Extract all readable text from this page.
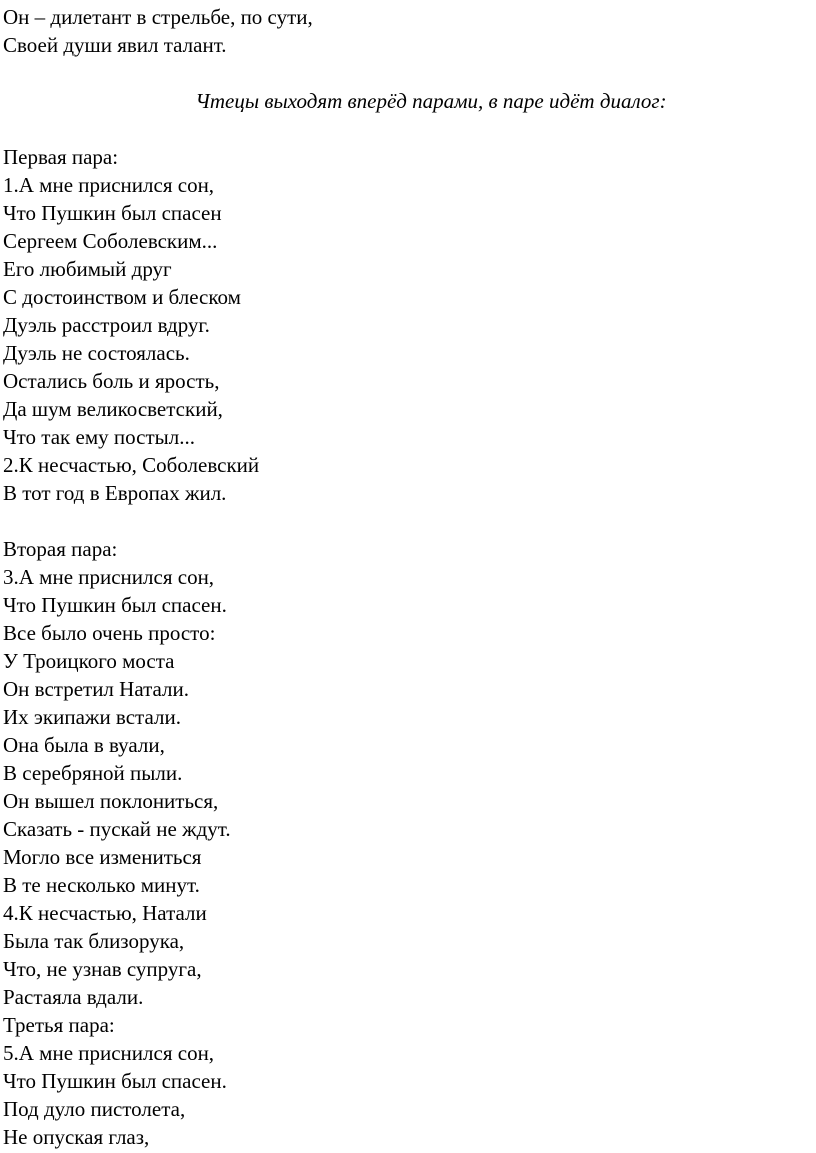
Он – дилетант в стрельбе, по сути,
Своей души явил талант.
Чтецы выходят вперёд парами, в паре идёт диалог:
Первая пара:
1.А мне приснился сон,
Что Пушкин был спасен
Сергеем Соболевским...
Его любимый друг
С достоинством и блеском
Дуэль расстроил вдруг.
Дуэль не состоялась.
Остались боль и ярость,
Да шум великосветский,
Что так ему постыл...
2.К несчастью, Соболевский
В тот год в Европах жил.
Вторая пара:
3.А мне приснился сон,
Что Пушкин был спасен.
Все было очень просто:
У Троицкого моста
Он встретил Натали.
Их экипажи встали.
Она была в вуали,
В серебряной пыли.
Он вышел поклониться,
Сказать - пускай не ждут.
Могло все измениться
В те несколько минут.
4.К несчастью, Натали
Была так близорука,
Что, не узнав супруга,
Растаяла вдали.
Третья пара:
5.А мне приснился сон,
Что Пушкин был спасен.
Под дуло пистолета,
Не опуская глаз,
